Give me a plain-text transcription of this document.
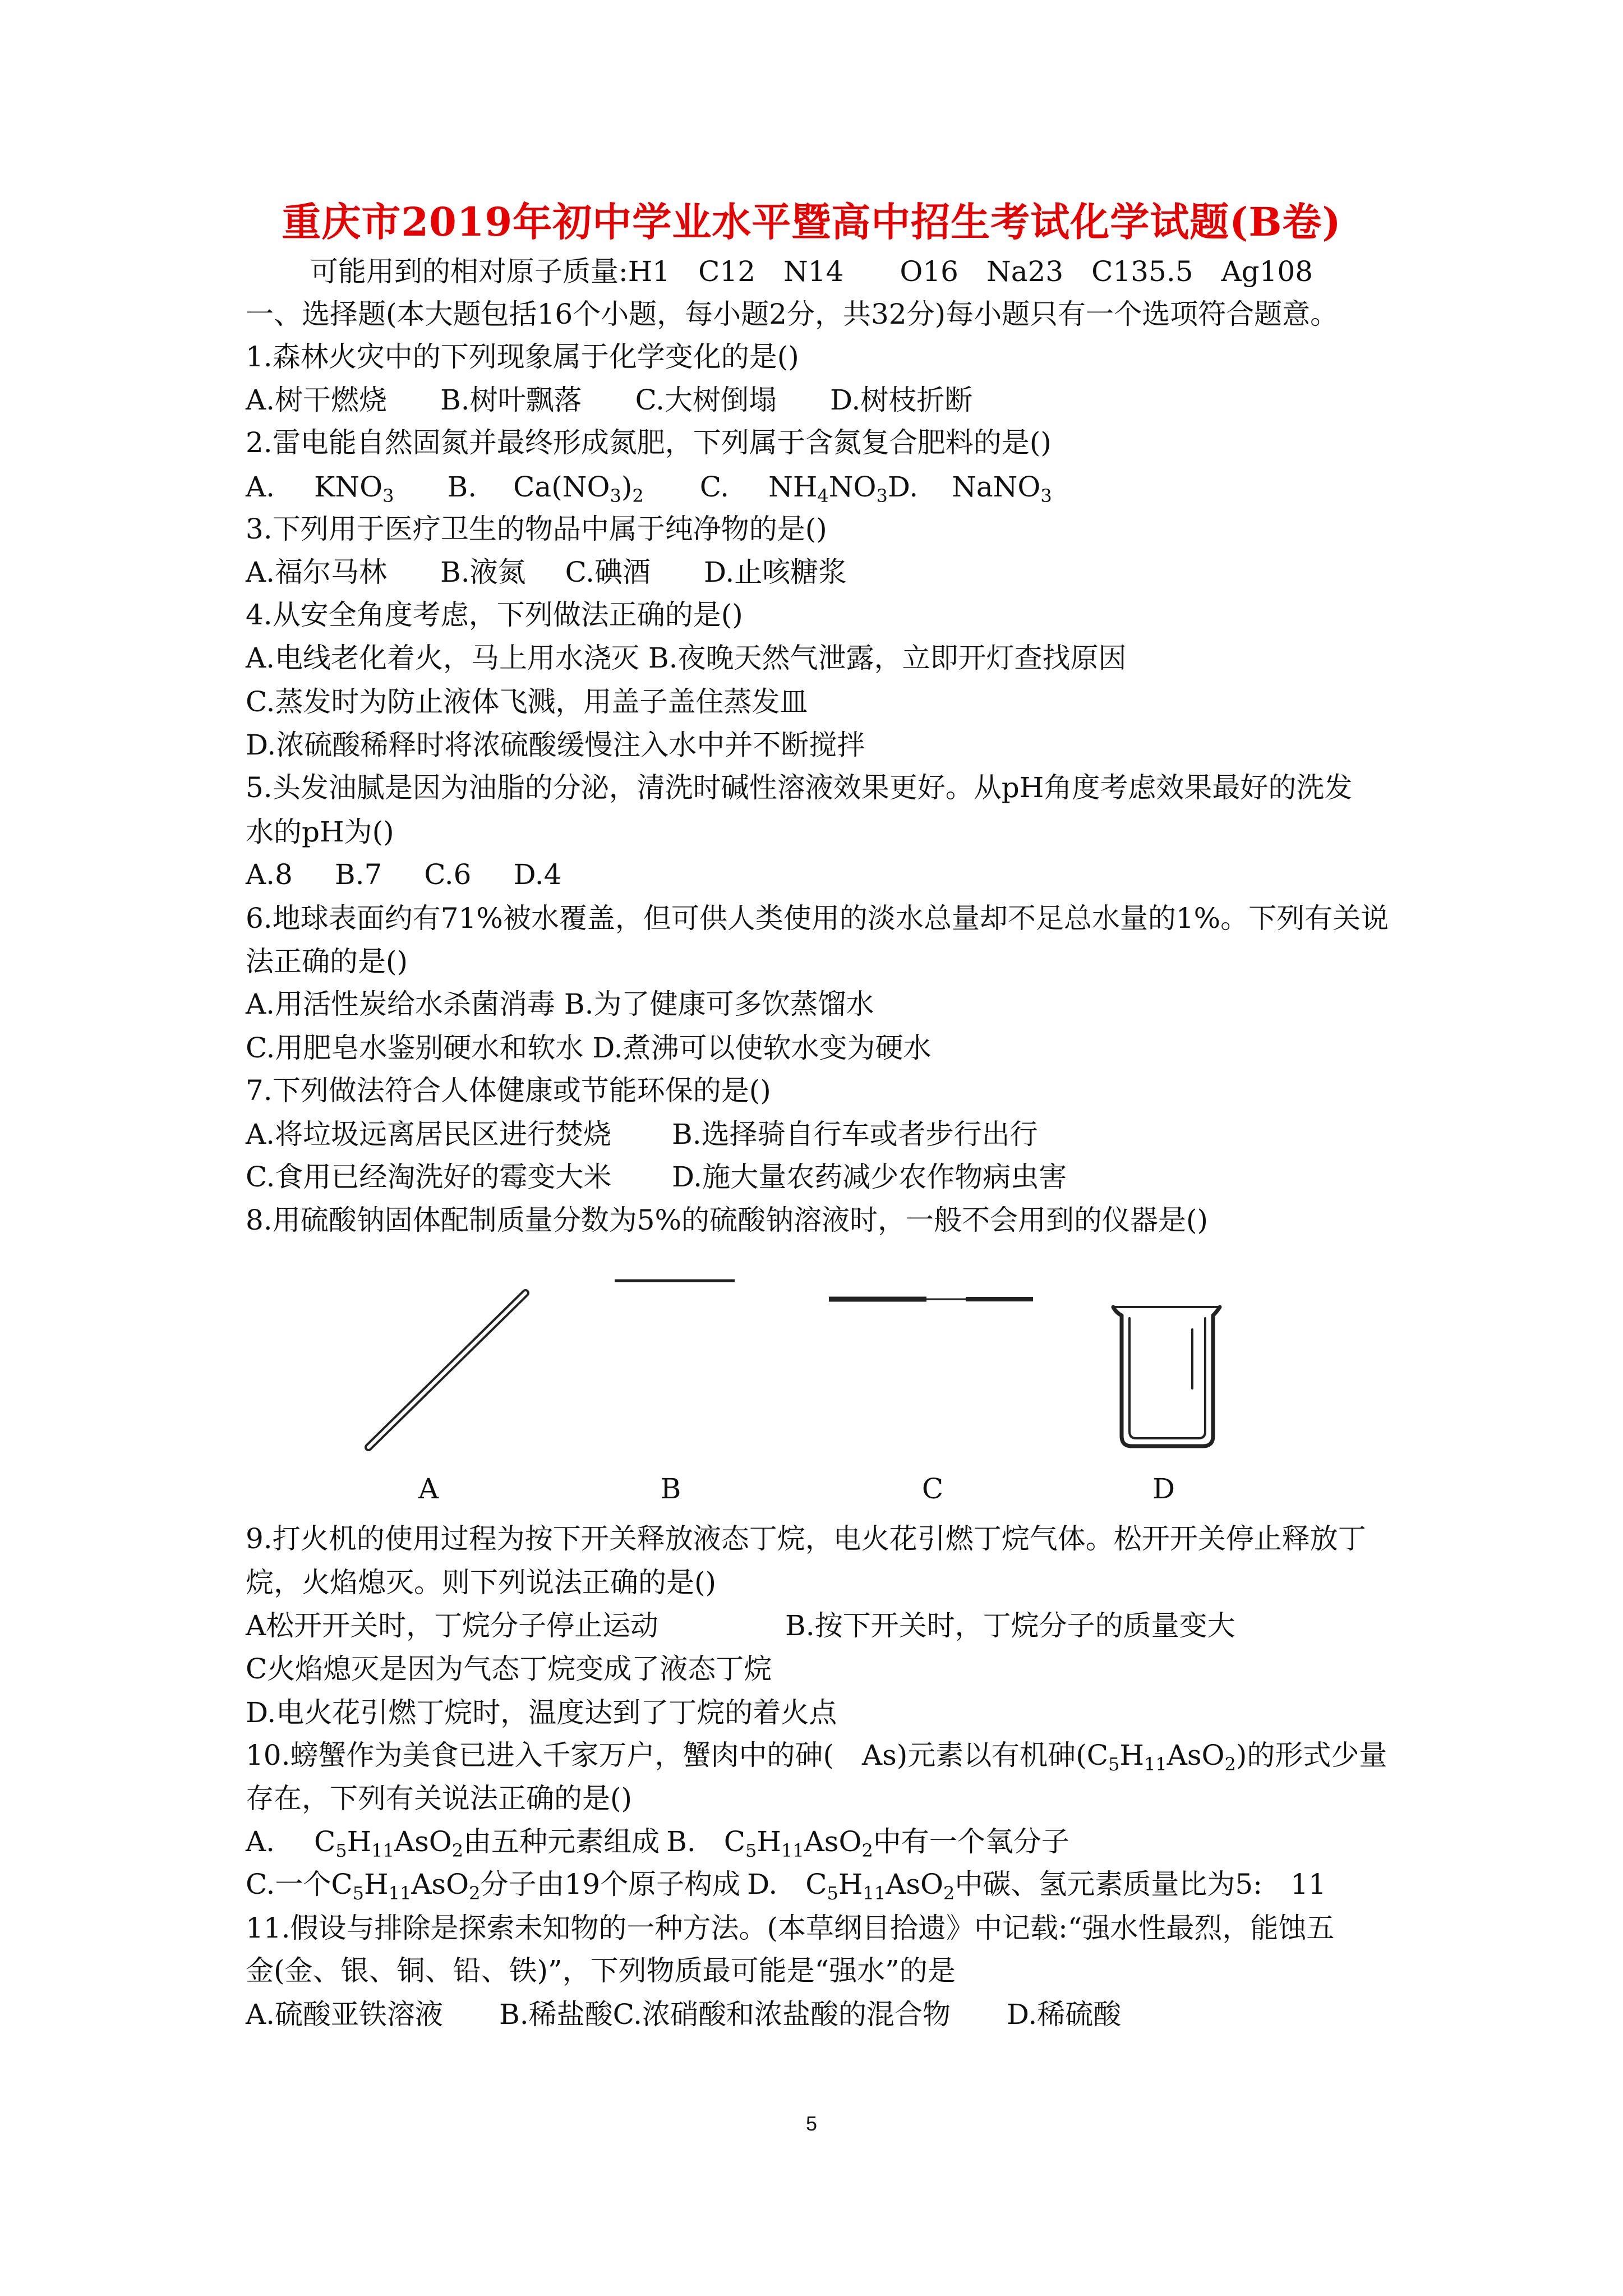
重庆市2019年初中学业水平暨高中招生考试化学试题(B卷)
可能用到的相对原子质量:H1　C12　N14　　O16　Na23　C135.5　Ag108
一、选择题(本大题包括16个小题，每小题2分，共32分)每小题只有一个选项符合题意。
1.森林火灾中的下列现象属于化学变化的是()
A.树干燃烧 B.树叶飘落 C.大树倒塌 D.树枝折断
2.雷电能自然固氮并最终形成氮肥，下列属于含氮复合肥料的是()
A. $KNO_3$ B. $Ca(NO_3)_2$ C. $NH_4NO_3D$. NaNO$_3$
3.下列用于医疗卫生的物品中属于纯净物的是()
A.福尔马林 B.液氮 C.碘酒 D.止咳糖浆
4.从安全角度考虑，下列做法正确的是()
A.电线老化着火，马上用水浇灭 B.夜晚天然气泄露，立即开灯查找原因
C.蒸发时为防止液体飞溅，用盖子盖住蒸发皿
D.浓硫酸稀释时将浓硫酸缓慢注入水中并不断搅拌
5.头发油腻是因为油脂的分泌，清洗时碱性溶液效果更好。从pH角度考虑效果最好的洗发
水的pH为()
A.8 B.7 C.6 D.4
6.地球表面约有71%被水覆盖，但可供人类使用的淡水总量却不足总水量的1%。下列有关说
法正确的是()
A.用活性炭给水杀菌消毒 B.为了健康可多饮蒸馏水
C.用肥皂水鉴别硬水和软水 D.煮沸可以使软水变为硬水
7.下列做法符合人体健康或节能环保的是()
A.将垃圾远离居民区进行焚烧 B.选择骑自行车或者步行出行
C.食用已经淘洗好的霉变大米 D.施大量农药减少农作物病虫害
8.用硫酸钠固体配制质量分数为5%的硫酸钠溶液时，一般不会用到的仪器是()
A	B	C	D
9.打火机的使用过程为按下开关释放液态丁烷，电火花引燃丁烷气体。松开开关停止释放丁
烷，火焰熄灭。则下列说法正确的是()
A松开开关时，丁烷分子停止运动	B.按下开关时，丁烷分子的质量变大
C火焰熄灭是因为气态丁烷变成了液态丁烷
D.电火花引燃丁烷时，温度达到了丁烷的着火点
10.螃蟹作为美食已进入千家万户，蟹肉中的砷(　As)元素以有机砷$(C_5H_{11}AsO_2)$的形式少量
存在，下列有关说法正确的是()
A. $C_5H_{11}AsO_2$由五种元素组成 B. $C_5H_{11}AsO_2$中有一个氧分子
C.一个$C_5H_{11}AsO_2$分子由19个原子构成 D. $C_5H_{11}AsO_2$中碳、氢元素质量比为5:　11
11.假设与排除是探索未知物的一种方法。(本草纲目拾遗》中记载:“强水性最烈，能蚀五
金(金、银、铜、铅、铁)”，下列物质最可能是“强水”的是
A.硫酸亚铁溶液 B.稀盐酸C.浓硝酸和浓盐酸的混合物 D.稀硫酸
5
